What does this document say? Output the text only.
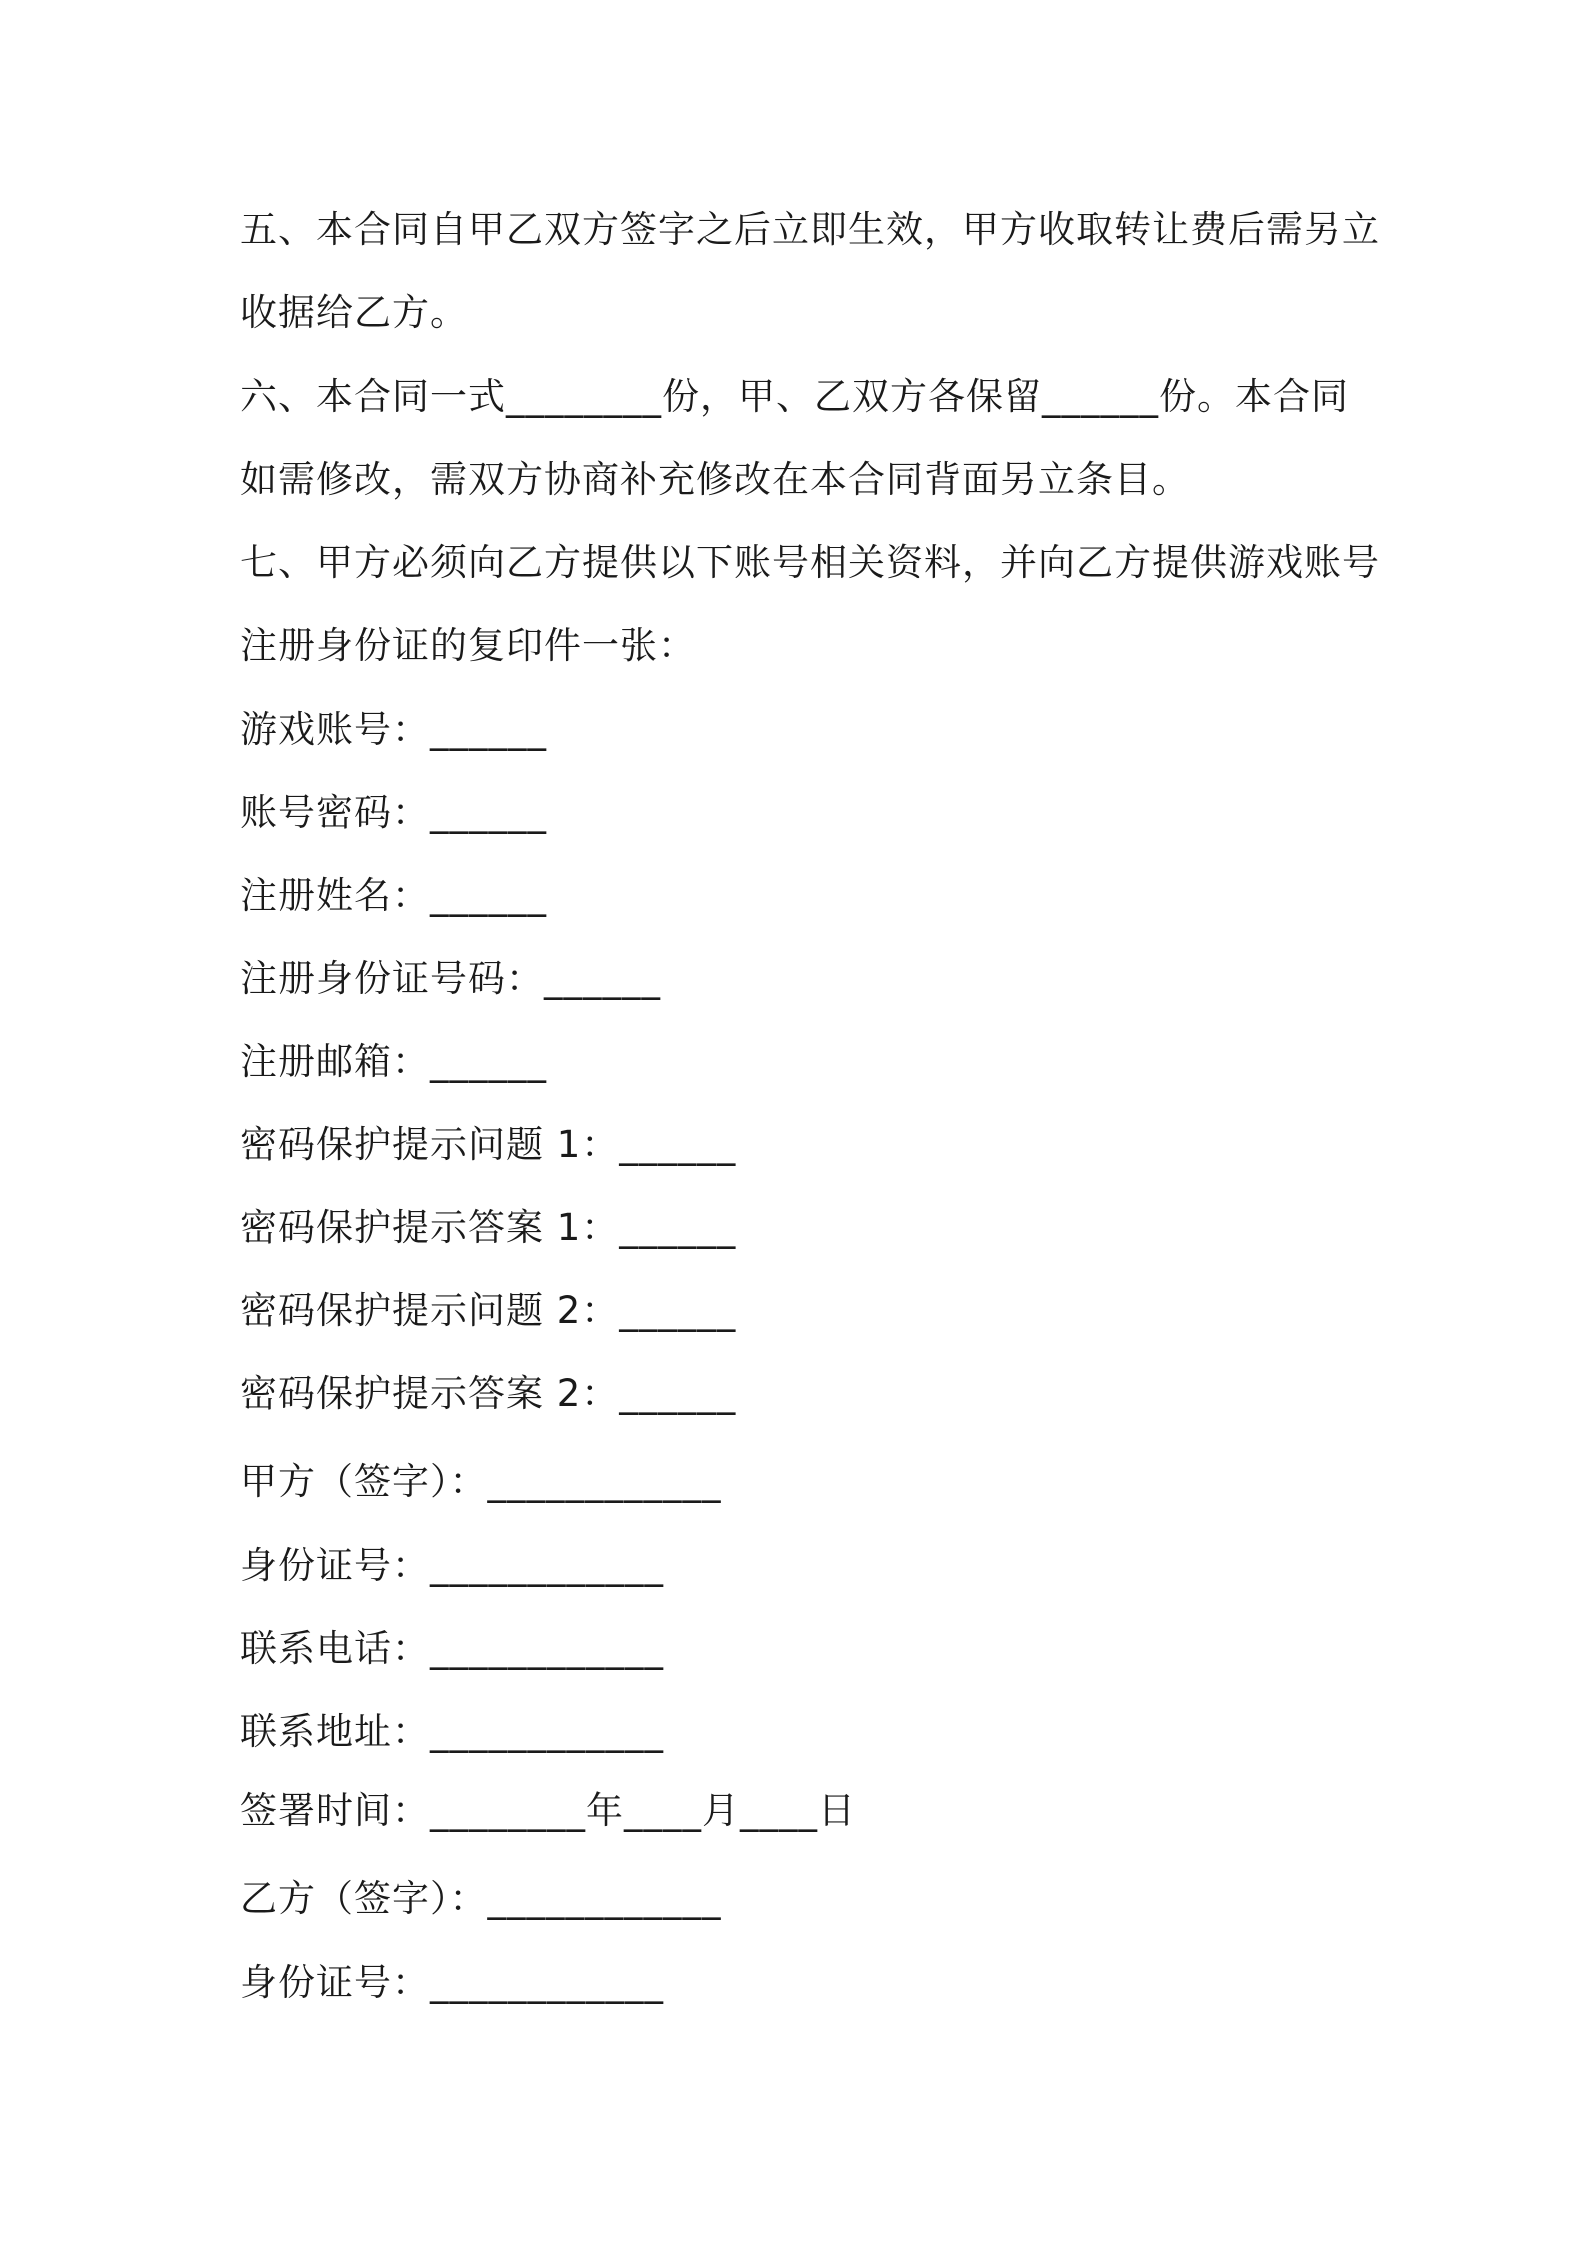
五、本合同自甲乙双方签字之后立即生效，甲方收取转让费后需另立
收据给乙方。
六、本合同一式________份，甲、乙双方各保留______份。本合同
如需修改，需双方协商补充修改在本合同背面另立条目。
七、甲方必须向乙方提供以下账号相关资料，并向乙方提供游戏账号
注册身份证的复印件一张：
游戏账号：______
账号密码：______
注册姓名：______
注册身份证号码：______
注册邮箱：______
密码保护提示问题 1：______
密码保护提示答案 1：______
密码保护提示问题 2：______
密码保护提示答案 2：______
甲方（签字）：____________
身份证号：____________
联系电话：____________
联系地址：____________
签署时间：________年____月____日
乙方（签字）：____________
身份证号：____________
